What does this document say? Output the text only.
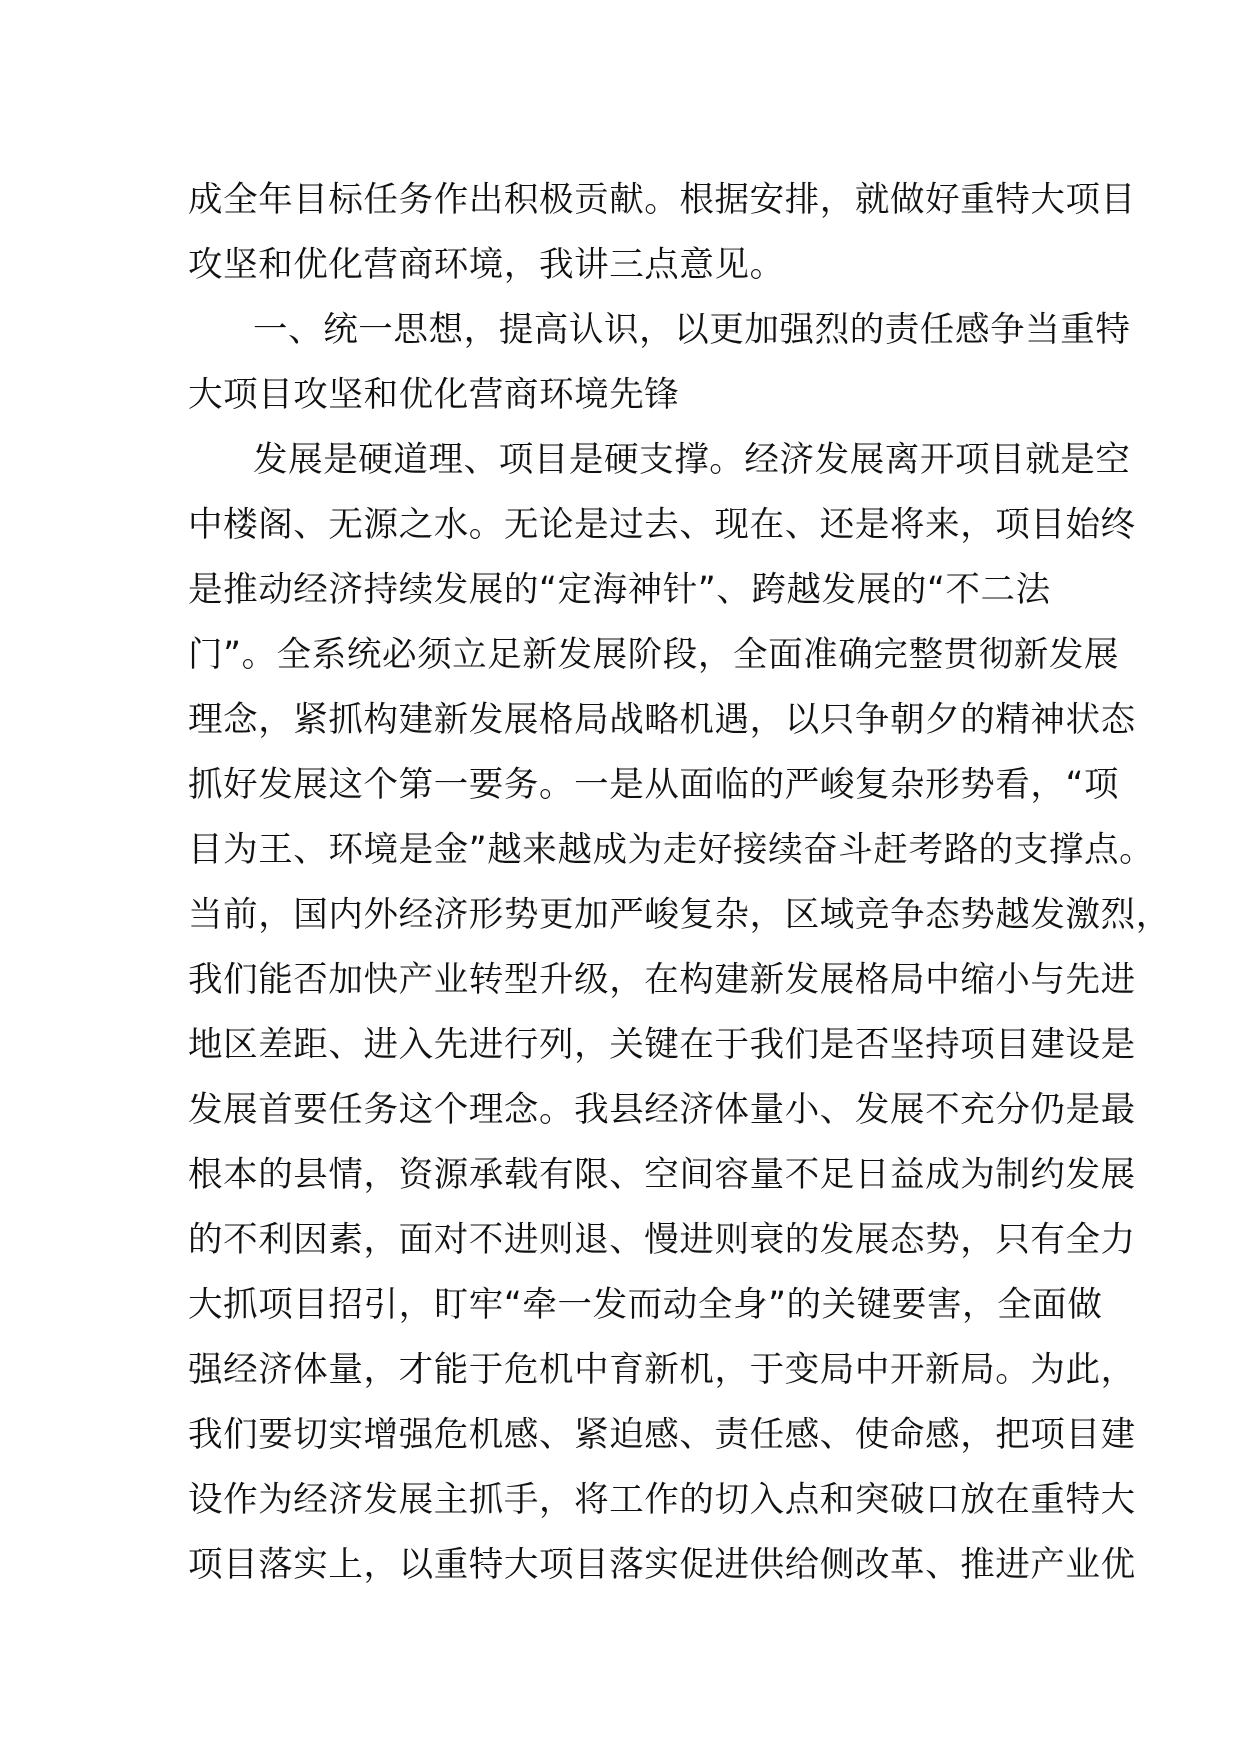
成全年目标任务作出积极贡献。根据安排，就做好重特大项目
攻坚和优化营商环境，我讲三点意见。
一、统一思想，提高认识，以更加强烈的责任感争当重特
大项目攻坚和优化营商环境先锋
发展是硬道理、项目是硬支撑。经济发展离开项目就是空
中楼阁、无源之水。无论是过去、现在、还是将来，项目始终
是推动经济持续发展的“定海神针”、跨越发展的“不二法
门”。全系统必须立足新发展阶段，全面准确完整贯彻新发展
理念，紧抓构建新发展格局战略机遇，以只争朝夕的精神状态
抓好发展这个第一要务。一是从面临的严峻复杂形势看，“项
目为王、环境是金”越来越成为走好接续奋斗赶考路的支撑点。
当前，国内外经济形势更加严峻复杂，区域竞争态势越发激烈，
我们能否加快产业转型升级，在构建新发展格局中缩小与先进
地区差距、进入先进行列，关键在于我们是否坚持项目建设是
发展首要任务这个理念。我县经济体量小、发展不充分仍是最
根本的县情，资源承载有限、空间容量不足日益成为制约发展
的不利因素，面对不进则退、慢进则衰的发展态势，只有全力
大抓项目招引，盯牢“牵一发而动全身”的关键要害，全面做
强经济体量，才能于危机中育新机，于变局中开新局。为此，
我们要切实增强危机感、紧迫感、责任感、使命感，把项目建
设作为经济发展主抓手，将工作的切入点和突破口放在重特大
项目落实上，以重特大项目落实促进供给侧改革、推进产业优
